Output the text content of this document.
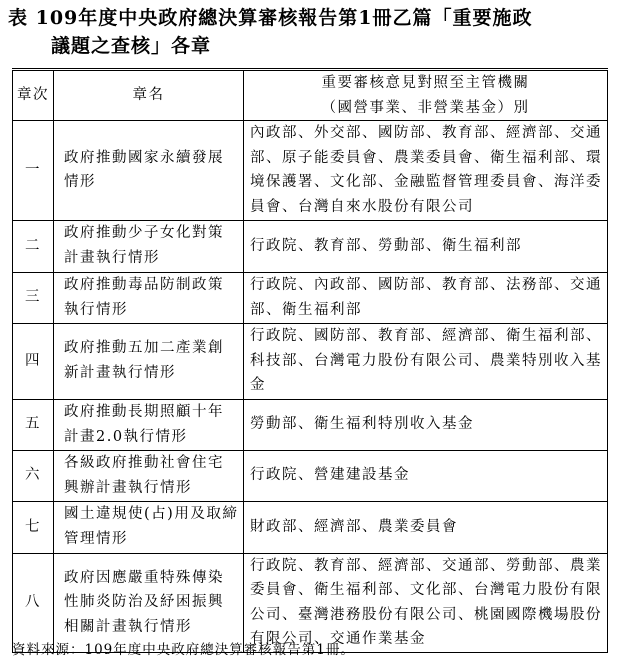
表 109年度中央政府總決算審核報告第1冊乙篇「重要施政
議題之查核」各章
章次	章名	重要審核意見對照至主管機關
（國營事業、非營業基金）別

一	政府推動國家永續發展情形	內政部、外交部、國防部、教育部、經濟部、交通部、原子能委員會、農業委員會、衛生福利部、環境保護署、文化部、金融監督管理委員會、海洋委員會、台灣自來水股份有限公司
二	政府推動少子女化對策計畫執行情形	行政院、教育部、勞動部、衛生福利部
三	政府推動毒品防制政策執行情形	行政院、內政部、國防部、教育部、法務部、交通部、衛生福利部
四	政府推動五加二產業創新計畫執行情形	行政院、國防部、教育部、經濟部、衛生福利部、科技部、台灣電力股份有限公司、農業特別收入基金
五	政府推動長期照顧十年計畫2.0執行情形	勞動部、衛生福利特別收入基金
六	各級政府推動社會住宅興辦計畫執行情形	行政院、營建建設基金
七	國土違規使(占)用及取締管理情形	財政部、經濟部、農業委員會
八	政府因應嚴重特殊傳染性肺炎防治及紓困振興相關計畫執行情形	行政院、教育部、經濟部、交通部、勞動部、農業委員會、衛生福利部、文化部、台灣電力股份有限公司、臺灣港務股份有限公司、桃園國際機場股份有限公司、交通作業基金
資料來源：109年度中央政府總決算審核報告第1冊。
